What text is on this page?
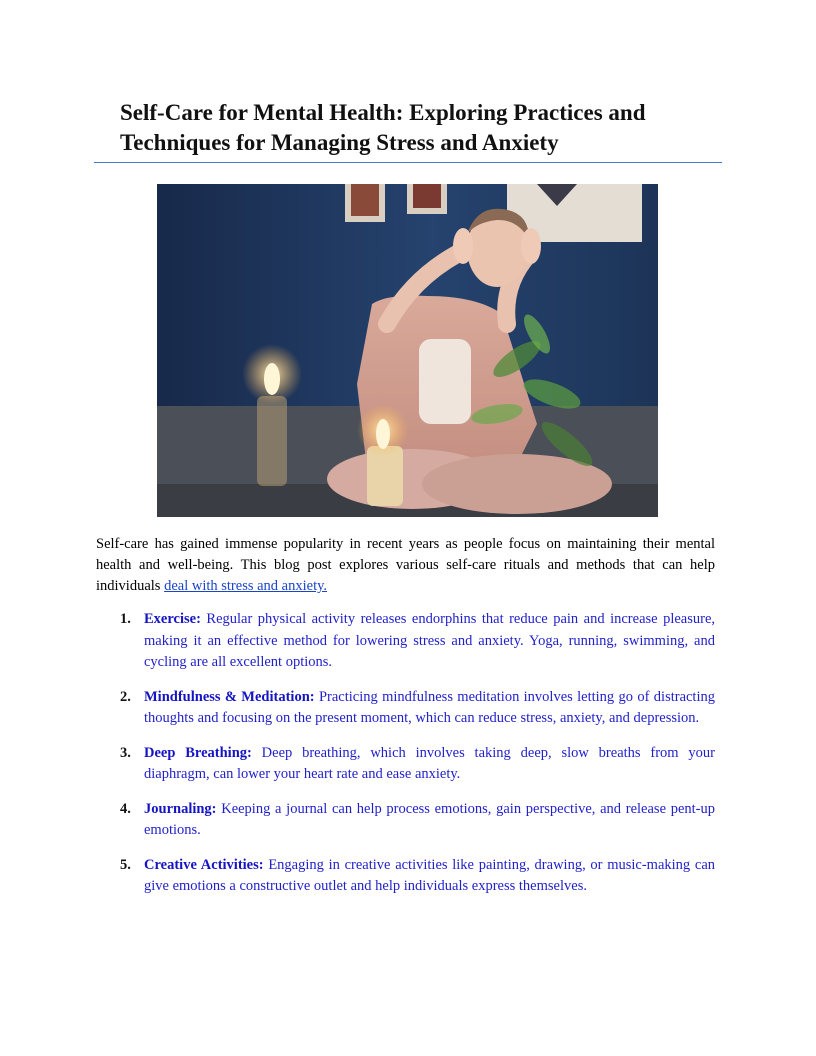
Self-Care for Mental Health: Exploring Practices and Techniques for Managing Stress and Anxiety

Self-care has gained immense popularity in recent years as people focus on maintaining their mental health and well-being. This blog post explores various self-care rituals and methods that can help individuals deal with stress and anxiety.

1. Exercise: Regular physical activity releases endorphins that reduce pain and increase pleasure, making it an effective method for lowering stress and anxiety. Yoga, running, swimming, and cycling are all excellent options.
2. Mindfulness & Meditation: Practicing mindfulness meditation involves letting go of distracting thoughts and focusing on the present moment, which can reduce stress, anxiety, and depression.
3. Deep Breathing: Deep breathing, which involves taking deep, slow breaths from your diaphragm, can lower your heart rate and ease anxiety.
4. Journaling: Keeping a journal can help process emotions, gain perspective, and release pent-up emotions.
5. Creative Activities: Engaging in creative activities like painting, drawing, or music-making can give emotions a constructive outlet and help individuals express themselves.
